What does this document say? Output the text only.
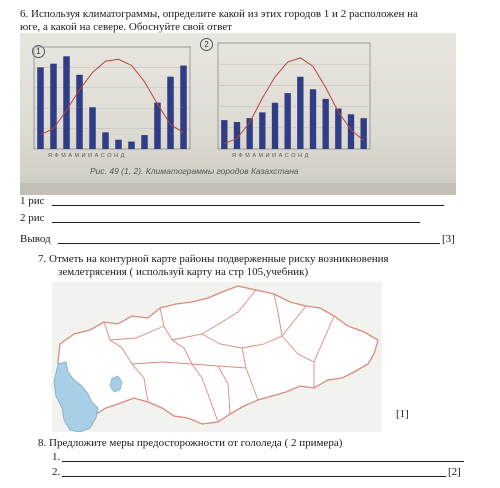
6. Используя климатограммы, определите какой из этих городов 1 и 2 расположен на
юге, а какой на севере. Обоснуйте свой ответ
1
2
Я Ф М А М И И А С О Н Д	Я Ф М А М И И А С О Н Д
Рис. 49 (1, 2). Климатограммы городов Казахстана
1 рис
2 рис
Вывод	[3]
7. Отметь на контурной карте районы подверженные риску возникновения
землетрясения ( используй карту на стр 105,учебник)
[1]
8. Предложите меры предосторожности от гололеда ( 2 примера)
1.
2.	[2]
